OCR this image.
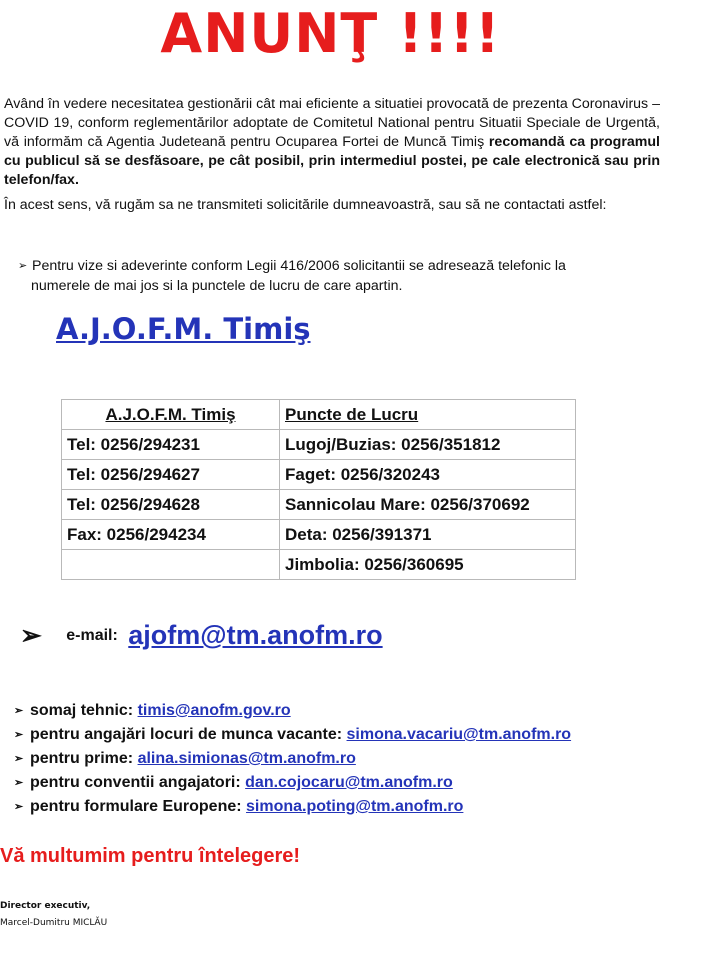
ANUNŢ !!!!
Având în vedere necesitatea gestionării cât mai eficiente a situatiei provocată de prezenta Coronavirus – COVID 19, conform reglementărilor adoptate de Comitetul National pentru Situatii Speciale de Urgentă, vă informăm că Agentia Judeteană pentru Ocuparea Fortei de Muncă Timiş recomandă ca programul cu publicul să se desfăsoare, pe cât posibil, prin intermediul postei, pe cale electronică sau prin telefon/fax.
În acest sens, vă rugăm sa ne transmiteti solicitările dumneavoastră, sau să ne contactati astfel:
➢ Pentru vize si adeverinte conform Legii 416/2006 solicitantii se adresează telefonic la
numerele de mai jos si la punctele de lucru de care apartin.
A.J.O.F.M. Timiş
A.J.O.F.M. Timiş	Puncte de Lucru
Tel: 0256/294231	Lugoj/Buzias: 0256/351812
Tel: 0256/294627	Faget: 0256/320243
Tel: 0256/294628	Sannicolau Mare: 0256/370692
Fax: 0256/294234	Deta: 0256/391371
	Jimbolia: 0256/360695
➢ e-mail: ajofm@tm.anofm.ro
➢ somaj tehnic: timis@anofm.gov.ro
➢ pentru angajări locuri de munca vacante: simona.vacariu@tm.anofm.ro
➢ pentru prime: alina.simionas@tm.anofm.ro
➢ pentru conventii angajatori: dan.cojocaru@tm.anofm.ro
➢ pentru formulare Europene: simona.poting@tm.anofm.ro
Vă multumim pentru întelegere!
Director executiv,
Marcel-Dumitru MICLĂU
